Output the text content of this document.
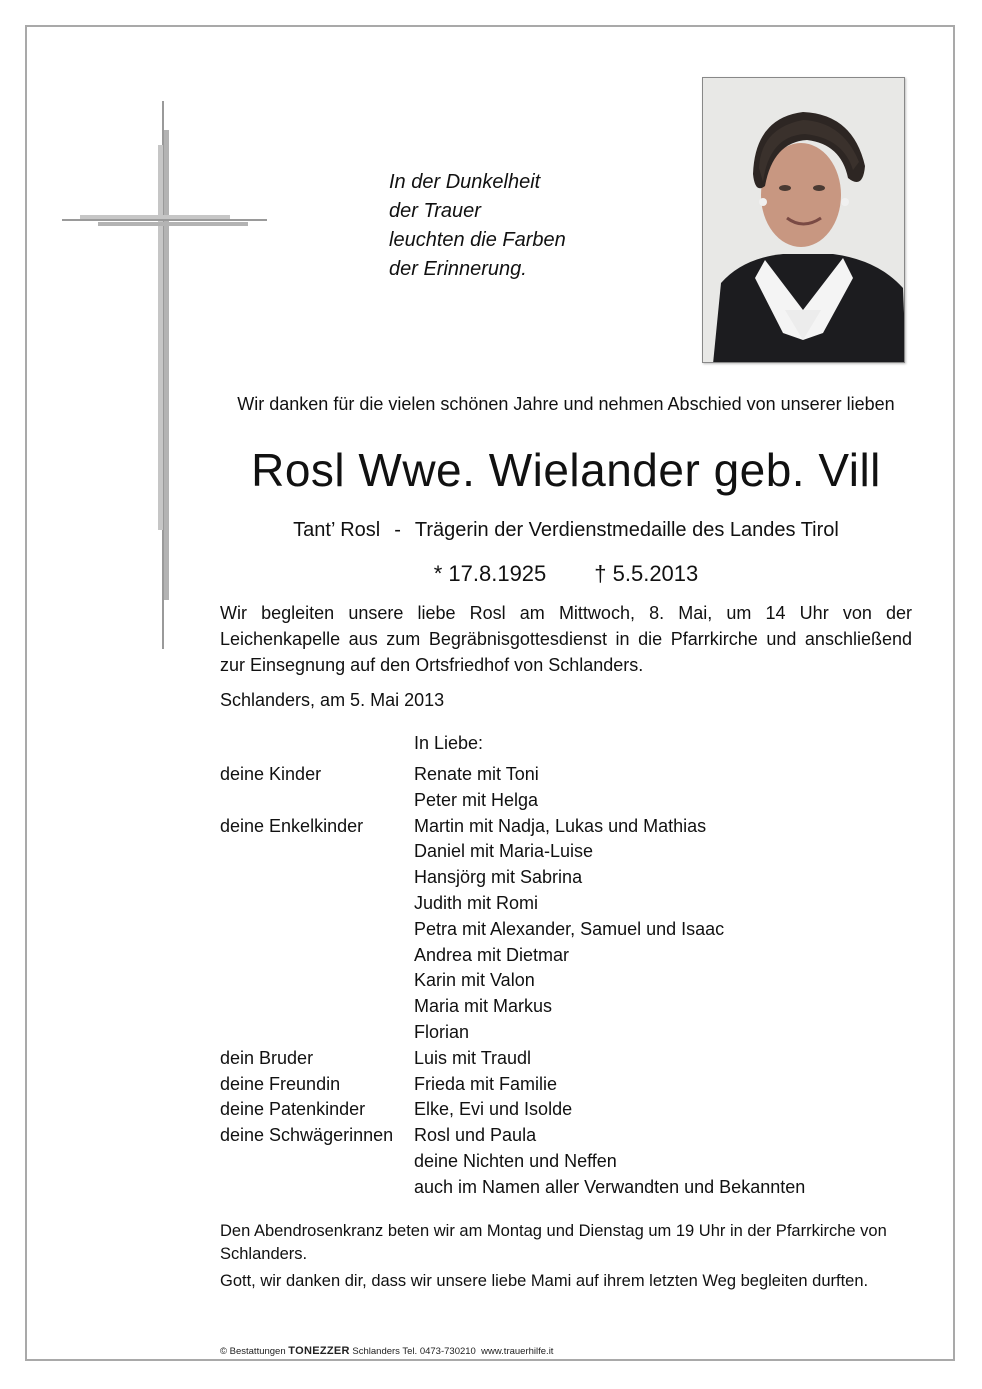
In der Dunkelheit
der Trauer
leuchten die Farben
der Erinnerung.
Wir danken für die vielen schönen Jahre und nehmen Abschied von unserer lieben
Rosl Wwe. Wielander geb. Vill
Tant’ Rosl - Trägerin der Verdienstmedaille des Landes Tirol
* 17.8.1925 † 5.5.2013
Wir begleiten unsere liebe Rosl am Mittwoch, 8. Mai, um 14 Uhr von der Leichenkapelle aus zum Begräbnisgottesdienst in die Pfarrkirche und anschließend zur Einsegnung auf den Ortsfriedhof von Schlanders.
Schlanders, am 5. Mai 2013
In Liebe:
deine Kinder	Renate mit Toni
Peter mit Helga
deine Enkelkinder	Martin mit Nadja, Lukas und Mathias
Daniel mit Maria-Luise
Hansjörg mit Sabrina
Judith mit Romi
Petra mit Alexander, Samuel und Isaac
Andrea mit Dietmar
Karin mit Valon
Maria mit Markus
Florian
dein Bruder	Luis mit Traudl
deine Freundin	Frieda mit Familie
deine Patenkinder	Elke, Evi und Isolde
deine Schwägerinnen	Rosl und Paula
deine Nichten und Neffen
auch im Namen aller Verwandten und Bekannten
Den Abendrosenkranz beten wir am Montag und Dienstag um 19 Uhr in der Pfarrkirche von Schlanders.
Gott, wir danken dir, dass wir unsere liebe Mami auf ihrem letzten Weg begleiten durften.
© Bestattungen TONEZZER Schlanders Tel. 0473-730210 www.trauerhilfe.it
